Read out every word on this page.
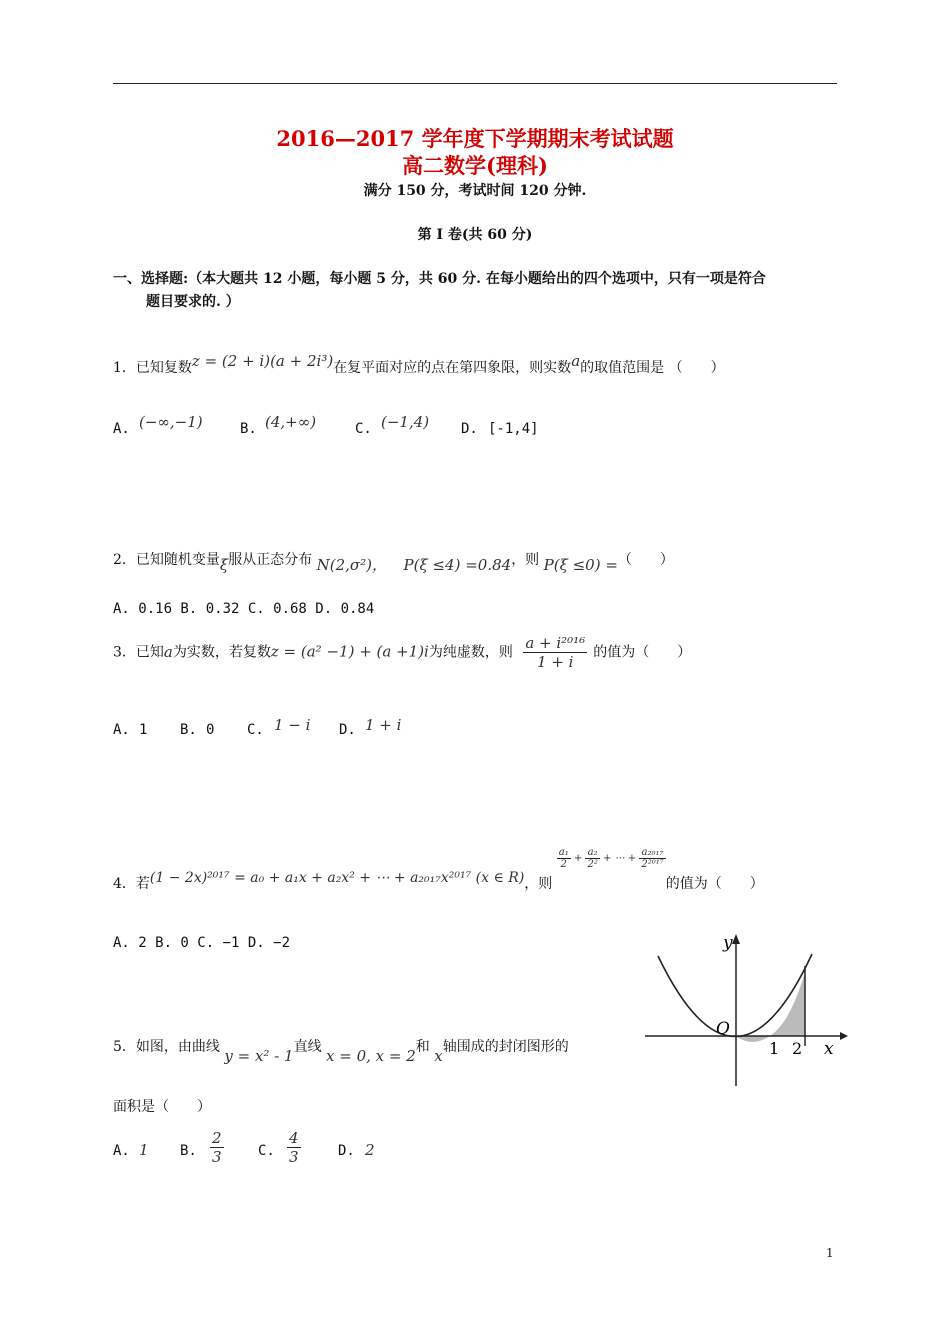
2016—2017 学年度下学期期末考试试题
高二数学(理科)
满分 150 分，考试时间 120 分钟.
第 I 卷(共 60 分)
一、选择题:（本大题共 12 小题，每小题 5 分，共 60 分. 在每小题给出的四个选项中，只有一项是符合
题目要求的. ）
1．已知复数z = (2 + i)(a + 2i³)在复平面对应的点在第四象限，则实数a的取值范围是 （　　）
A. (−∞,−1)	B. (4,+∞)	C. (−1,4) D. [-1,4]
2．已知随机变量ξ服从正态分布 N(2,σ²)， P(ξ ≤4) =0.84，则 P(ξ ≤0) =（　　）
A. 0.16 B. 0.32 C. 0.68 D. 0.84
3．已知a为实数，若复数z = (a² −1) + (a +1)i为纯虚数，则 $\frac{\text{a + i²⁰¹⁶}}{1 + i}$ 的值为（　　）
A. 1 B. 0 C. 1 − i D. 1 + i
4．若(1 − 2x)²⁰¹⁷ = a₀ + a₁x + a₂x² + ⋯ + a₂₀₁₇x²⁰¹⁷ (x ∈ R)，则
$\frac{\text{a₁}}{2} + \frac{\text{a₂}}{\text{2²}}$ + ⋯ + $\frac{\text{a₂₀₁₇}}{\text{2²⁰¹⁷}}$
的值为（　　）
A. 2 B. 0 C. −1 D. −2
5．如图，由曲线 y = x² - 1直线 x = 0, x = 2和 x轴围成的封闭图形的
面积是（　　）
A. 1 B. $\frac{2}{3} C$. $\frac{4}{3}$	D. 2
y
x
O
1 2
1
